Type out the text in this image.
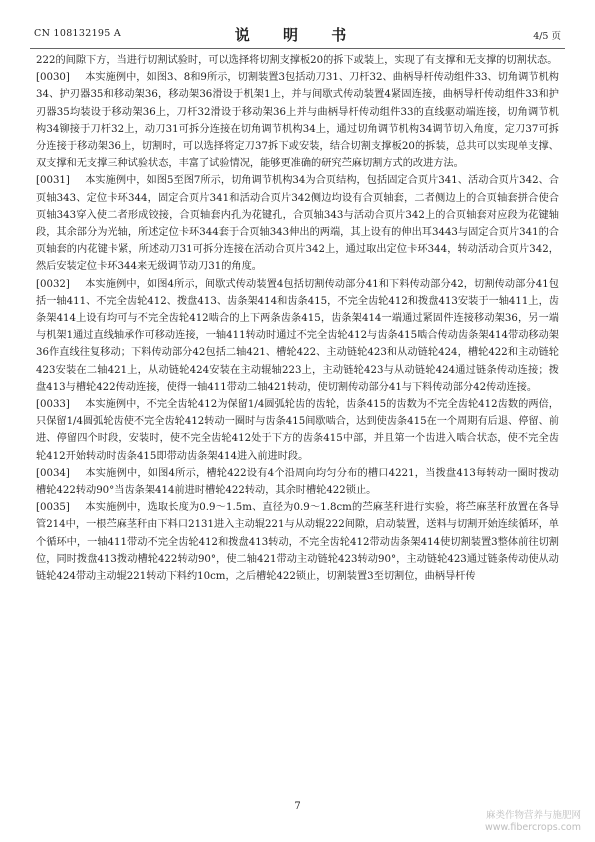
CN 108132195 A	说 明 书	4/5 页

222的间隙下方，当进行切割试验时，可以选择将切割支撑板20的拆下或装上，实现了有支撑和无支撑的切割状态。

[0030]   本实施例中，如图3、8和9所示，切割装置3包括动刀31、刀杆32、曲柄导杆传动组件33、切角调节机构34、护刃器35和移动架36，移动架36滑设于机架1上，并与间歇式传动装置4紧固连接，曲柄导杆传动组件33和护刃器35均装设于移动架36上，刀杆32滑设于移动架36上并与曲柄导杆传动组件33的直线驱动端连接，切角调节机构34铆接于刀杆32上，动刀31可拆分连接在切角调节机构34上，通过切角调节机构34调节切入角度，定刀37可拆分连接于移动架36上，切割时，可以选择将定刀37拆下或安装，结合切割支撑板20的拆装，总共可以实现单支撑、双支撑和无支撑三种试验状态，丰富了试验情况，能够更准确的研究苎麻切割方式的改进方法。

[0031]   本实施例中，如图5至图7所示，切角调节机构34为合页结构，包括固定合页片341、活动合页片342、合页轴343、定位卡环344，固定合页片341和活动合页片342侧边均设有合页轴套，二者侧边上的合页轴套拼合使合页轴343穿入使二者形成铰接，合页轴套内孔为花键孔，合页轴343与活动合页片342上的合页轴套对应段为花键轴段，其余部分为光轴，所述定位卡环344套于合页轴343伸出的两端，其上设有的伸出耳3443与固定合页片341的合页轴套的内花键卡紧，所述动刀31可拆分连接在活动合页片342上，通过取出定位卡环344，转动活动合页片342，然后安装定位卡环344来无级调节动刀31的角度。

[0032]   本实施例中，如图4所示，间歇式传动装置4包括切割传动部分41和下料传动部分42，切割传动部分41包括一轴411、不完全齿轮412、拨盘413、齿条架414和齿条415，不完全齿轮412和拨盘413安装于一轴411上，齿条架414上设有均可与不完全齿轮412啮合的上下两条齿条415，齿条架414一端通过紧固件连接移动架36，另一端与机架1通过直线轴承作可移动连接，一轴411转动时通过不完全齿轮412与齿条415啮合传动齿条架414带动移动架36作直线往复移动；下料传动部分42包括二轴421、槽轮422、主动链轮423和从动链轮424，槽轮422和主动链轮423安装在二轴421上，从动链轮424安装在主动辊轴223上，主动链轮423与从动链轮424通过链条传动连接；拨盘413与槽轮422传动连接，使得一轴411带动二轴421转动，使切割传动部分41与下料传动部分42传动连接。

[0033]   本实施例中，不完全齿轮412为保留1/4圆弧轮齿的齿轮，齿条415的齿数为不完全齿轮412齿数的两倍，只保留1/4圆弧轮齿使不完全齿轮412转动一圈时与齿条415间歇啮合，达到使齿条415在一个周期有后退、停留、前进、停留四个时段，安装时，使不完全齿轮412处于下方的齿条415中部，并且第一个齿进入啮合状态，使不完全齿轮412开始转动时齿条415即带动齿条架414进入前进时段。

[0034]   本实施例中，如图4所示，槽轮422设有4个沿周向均匀分布的槽口4221，当拨盘413每转动一圈时拨动槽轮422转动90°当齿条架414前进时槽轮422转动，其余时槽轮422锁止。

[0035]   本实施例中，选取长度为0.9～1.5m、直径为0.9～1.8cm的苎麻茎秆进行实验，将苎麻茎秆放置在各导管214中，一根苎麻茎秆由下料口2131进入主动辊221与从动辊222间隙，启动装置，送料与切割开始连续循环，单个循环中，一轴411带动不完全齿轮412和拨盘413转动，不完全齿轮412带动齿条架414使切割装置3整体前往切割位，同时拨盘413拨动槽轮422转动90°，使二轴421带动主动链轮423转动90°，主动链轮423通过链条传动使从动链轮424带动主动辊221转动下料约10cm，之后槽轮422锁止，切割装置3至切割位，曲柄导杆传

7
麻类作物营养与施肥网
www.fibercrops.com
